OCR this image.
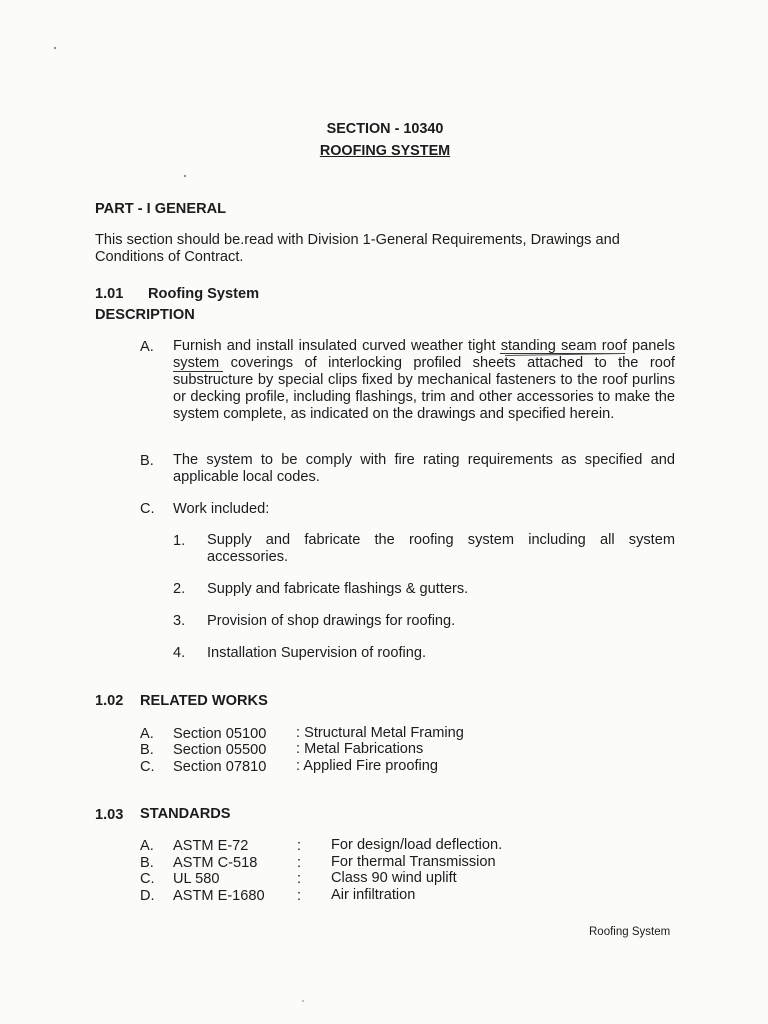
SECTION - 10340
ROOFING SYSTEM
PART - I GENERAL
This section should be.read with Division 1-General Requirements, Drawings and
Conditions of Contract.
1.01 Roofing System
DESCRIPTION
A. Furnish and install insulated curved weather tight standing seam roof panels system coverings of interlocking profiled sheets attached to the roof substructure by special clips fixed by mechanical fasteners to the roof purlins or decking profile, including flashings, trim and other accessories to make the system complete, as indicated on the drawings and specified herein.
B. The system to be comply with fire rating requirements as specified and applicable local codes.
C. Work included:
1. Supply and fabricate the roofing system including all system accessories.
2. Supply and fabricate flashings & gutters.
3. Provision of shop drawings for roofing.
4. Installation Supervision of roofing.
1.02 RELATED WORKS
A. Section 05100 : Structural Metal Framing
B. Section 05500 : Metal Fabrications
C. Section 07810 : Applied Fire proofing
1.03 STANDARDS
A. ASTM E-72	: For design/load deflection.
B. ASTM C-518	: For thermal Transmission
C. UL 580	: Class 90 wind uplift
D. ASTM E-1680 : Air infiltration
Roofing System
